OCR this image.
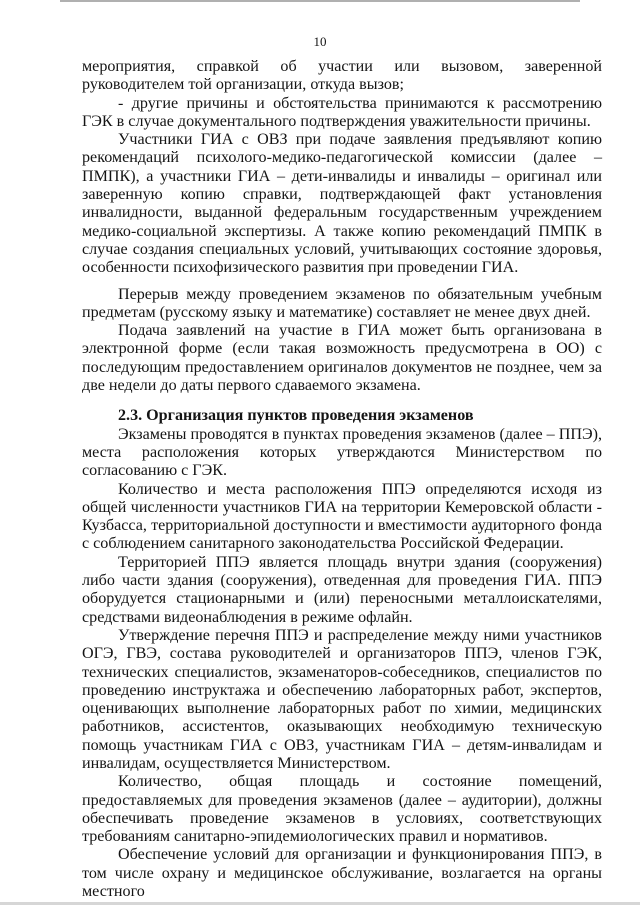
10

мероприятия, справкой об участии или вызовом, заверенной руководителем той организации, откуда вызов;

- другие причины и обстоятельства принимаются к рассмотрению ГЭК в случае документального подтверждения уважительности причины.

Участники ГИА с ОВЗ при подаче заявления предъявляют копию рекомендаций психолого-медико-педагогической комиссии (далее – ПМПК), а участники ГИА – дети-инвалиды и инвалиды – оригинал или заверенную копию справки, подтверждающей факт установления инвалидности, выданной федеральным государственным учреждением медико-социальной экспертизы. А также копию рекомендаций ПМПК в случае создания специальных условий, учитывающих состояние здоровья, особенности психофизического развития при проведении ГИА.

Перерыв между проведением экзаменов по обязательным учебным предметам (русскому языку и математике) составляет не менее двух дней.

Подача заявлений на участие в ГИА может быть организована в электронной форме (если такая возможность предусмотрена в ОО) с последующим предоставлением оригиналов документов не позднее, чем за две недели до даты первого сдаваемого экзамена.

2.3. Организация пунктов проведения экзаменов

Экзамены проводятся в пунктах проведения экзаменов (далее – ППЭ), места расположения которых утверждаются Министерством по согласованию с ГЭК.

Количество и места расположения ППЭ определяются исходя из общей численности участников ГИА на территории Кемеровской области - Кузбасса, территориальной доступности и вместимости аудиторного фонда с соблюдением санитарного законодательства Российской Федерации.

Территорией ППЭ является площадь внутри здания (сооружения) либо части здания (сооружения), отведенная для проведения ГИА. ППЭ оборудуется стационарными и (или) переносными металлоискателями, средствами видеонаблюдения в режиме офлайн.

Утверждение перечня ППЭ и распределение между ними участников ОГЭ, ГВЭ, состава руководителей и организаторов ППЭ, членов ГЭК, технических специалистов, экзаменаторов-собеседников, специалистов по проведению инструктажа и обеспечению лабораторных работ, экспертов, оценивающих выполнение лабораторных работ по химии, медицинских работников, ассистентов, оказывающих необходимую техническую помощь участникам ГИА с ОВЗ, участникам ГИА – детям-инвалидам и инвалидам, осуществляется Министерством.

Количество, общая площадь и состояние помещений, предоставляемых для проведения экзаменов (далее – аудитории), должны обеспечивать проведение экзаменов в условиях, соответствующих требованиям санитарно-эпидемиологических правил и нормативов.

Обеспечение условий для организации и функционирования ППЭ, в том числе охрану и медицинское обслуживание, возлагается на органы местного
